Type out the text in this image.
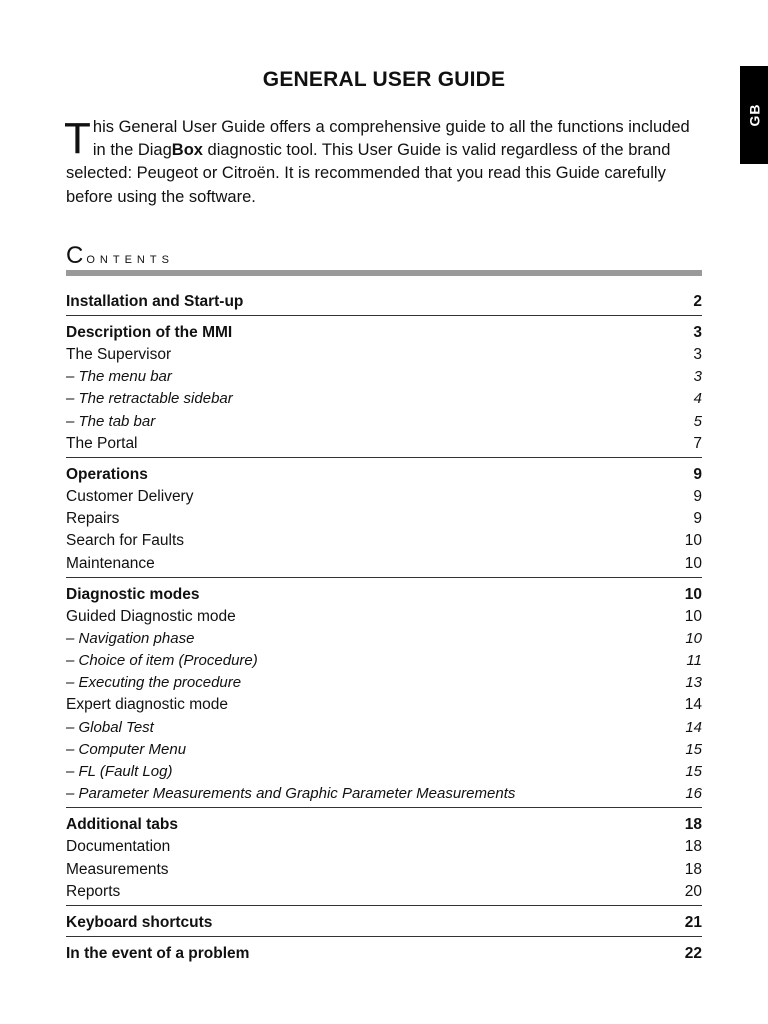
GB
GENERAL USER GUIDE
This General User Guide offers a comprehensive guide to all the functions included in the DiagBox diagnostic tool. This User Guide is valid regardless of the brand selected: Peugeot or Citroën. It is recommended that you read this Guide carefully before using the software.
Contents
Installation and Start-up	2
Description of the MMI	3
The Supervisor	3
– The menu bar	3
– The retractable sidebar	4
– The tab bar	5
The Portal	7
Operations	9
Customer Delivery	9
Repairs	9
Search for Faults	10
Maintenance	10
Diagnostic modes	10
Guided Diagnostic mode	10
– Navigation phase	10
– Choice of item (Procedure)	11
– Executing the procedure	13
Expert diagnostic mode	14
– Global Test	14
– Computer Menu	15
– FL (Fault Log)	15
– Parameter Measurements and Graphic Parameter Measurements	16
Additional tabs	18
Documentation	18
Measurements	18
Reports	20
Keyboard shortcuts	21
In the event of a problem	22
